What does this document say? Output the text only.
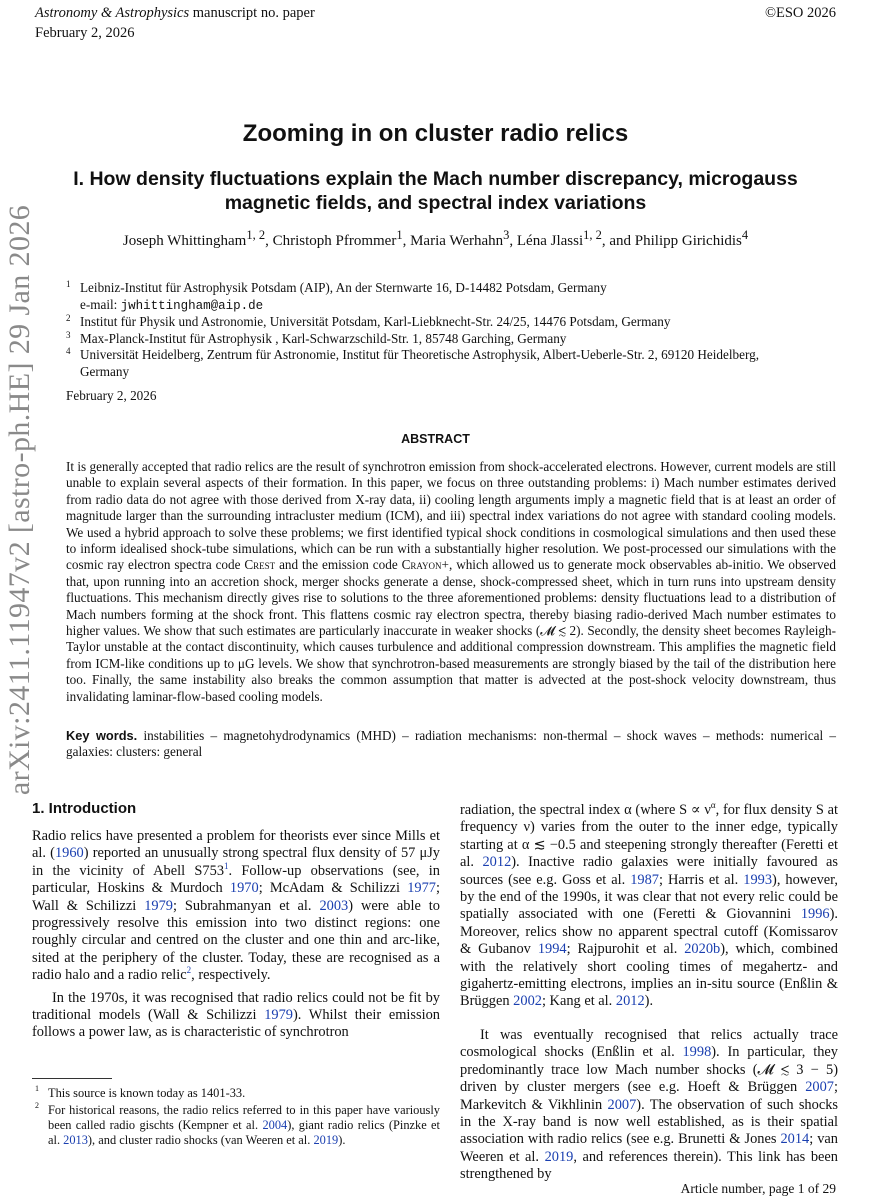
Astronomy & Astrophysics manuscript no. paper
February 2, 2026
©ESO 2026
arXiv:2411.11947v2 [astro-ph.HE] 29 Jan 2026
Zooming in on cluster radio relics
I. How density fluctuations explain the Mach number discrepancy, microgauss
magnetic fields, and spectral index variations
Joseph Whittingham$^{1, 2}$, Christoph Pfrommer$^1$, Maria Werhahn$^3$, Léna Jlassi$^{1, 2}$, and Philipp Girichidis$^4$
1 Leibniz-Institut für Astrophysik Potsdam (AIP), An der Sternwarte 16, D-14482 Potsdam, Germany
e-mail: jwhittingham@aip.de
2 Institut für Physik und Astronomie, Universität Potsdam, Karl-Liebknecht-Str. 24/25, 14476 Potsdam, Germany
3 Max-Planck-Institut für Astrophysik , Karl-Schwarzschild-Str. 1, 85748 Garching, Germany
4 Universität Heidelberg, Zentrum für Astronomie, Institut für Theoretische Astrophysik, Albert-Ueberle-Str. 2, 69120 Heidelberg,
Germany
February 2, 2026
ABSTRACT
It is generally accepted that radio relics are the result of synchrotron emission from shock-accelerated electrons. However, current models are still unable to explain several aspects of their formation. In this paper, we focus on three outstanding problems: i) Mach number estimates derived from radio data do not agree with those derived from X-ray data, ii) cooling length arguments imply a magnetic field that is at least an order of magnitude larger than the surrounding intracluster medium (ICM), and iii) spectral index variations do not agree with standard cooling models. We used a hybrid approach to solve these problems; we first identified typical shock conditions in cosmological simulations and then used these to inform idealised shock-tube simulations, which can be run with a substantially higher resolution. We post-processed our simulations with the cosmic ray electron spectra code Crest and the emission code Crayon+, which allowed us to generate mock observables ab-initio. We observed that, upon running into an accretion shock, merger shocks generate a dense, shock-compressed sheet, which in turn runs into upstream density fluctuations. This mechanism directly gives rise to solutions to the three aforementioned problems: density fluctuations lead to a distribution of Mach numbers forming at the shock front. This flattens cosmic ray electron spectra, thereby biasing radio-derived Mach number estimates to higher values. We show that such estimates are particularly inaccurate in weaker shocks (𝓜 ≲ 2). Secondly, the density sheet becomes Rayleigh-Taylor unstable at the contact discontinuity, which causes turbulence and additional compression downstream. This amplifies the magnetic field from ICM-like conditions up to μG levels. We show that synchrotron-based measurements are strongly biased by the tail of the distribution here too. Finally, the same instability also breaks the common assumption that matter is advected at the post-shock velocity downstream, thus invalidating laminar-flow-based cooling models.
Key words. instabilities – magnetohydrodynamics (MHD) – radiation mechanisms: non-thermal – shock waves – methods: numerical – galaxies: clusters: general
1. Introduction

Radio relics have presented a problem for theorists ever since Mills et al. (1960) reported an unusually strong spectral flux density of 57 μJy in the vicinity of Abell S753$^1$. Follow-up observations (see, in particular, Hoskins & Murdoch 1970; McAdam & Schilizzi 1977; Wall & Schilizzi 1979; Subrahmanyan et al. 2003) were able to progressively resolve this emission into two distinct regions: one roughly circular and centred on the cluster and one thin and arc-like, sited at the periphery of the cluster. Today, these are recognised as a radio halo and a radio relic$^2$, respectively.

In the 1970s, it was recognised that radio relics could not be fit by traditional models (Wall & Schilizzi 1979). Whilst their emission follows a power law, as is characteristic of synchrotron

1 This source is known today as 1401-33.
2 For historical reasons, the radio relics referred to in this paper have variously been called radio gischts (Kempner et al. 2004), giant radio relics (Pinzke et al. 2013), and cluster radio shocks (van Weeren et al. 2019).

radiation, the spectral index α (where $S \propto \nu^\alpha$, for flux density S at frequency ν) varies from the outer to the inner edge, typically starting at α ≲ −0.5 and steepening strongly thereafter (Feretti et al. 2012). Inactive radio galaxies were initially favoured as sources (see e.g. Goss et al. 1987; Harris et al. 1993), however, by the end of the 1990s, it was clear that not every relic could be spatially associated with one (Feretti & Giovannini 1996). Moreover, relics show no apparent spectral cutoff (Komissarov & Gubanov 1994; Rajpurohit et al. 2020b), which, combined with the relatively short cooling times of megahertz- and gigahertz-emitting electrons, implies an in-situ source (Enßlin & Brüggen 2002; Kang et al. 2012).

It was eventually recognised that relics actually trace cosmological shocks (Enßlin et al. 1998). In particular, they predominantly trace low Mach number shocks (𝓜 ≲ 3 − 5) driven by cluster mergers (see e.g. Hoeft & Brüggen 2007; Markevitch & Vikhlinin 2007). The observation of such shocks in the X-ray band is now well established, as is their spatial association with radio relics (see e.g. Brunetti & Jones 2014; van Weeren et al. 2019, and references therein). This link has been strengthened by

Article number, page 1 of 29
